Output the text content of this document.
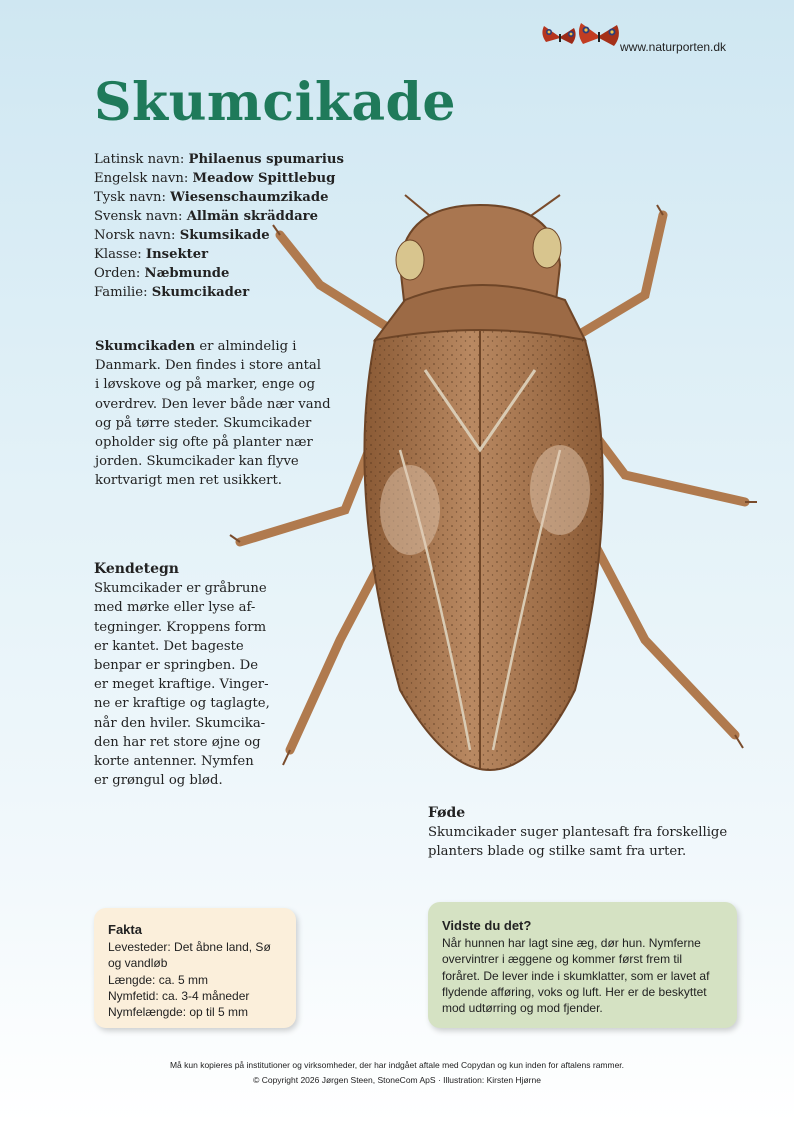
www.naturporten.dk
Skumcikade
Latinsk navn: Philaenus spumarius
Engelsk navn: Meadow Spittlebug
Tysk navn: Wiesenschaumzikade
Svensk navn: Allmän skräddare
Norsk navn: Skumsikade
Klasse: Insekter
Orden: Næbmunde
Familie: Skumcikader
Skumcikaden er almindelig i
Danmark. Den findes i store antal
i løvskove og på marker, enge og
overdrev. Den lever både nær vand
og på tørre steder. Skumcikader
opholder sig ofte på planter nær
jorden. Skumcikader kan flyve
kortvarigt men ret usikkert.
Kendetegn
Skumcikader er gråbrune
med mørke eller lyse af-
tegninger. Kroppens form
er kantet. Det bageste
benpar er springben. De
er meget kraftige. Vinger-
ne er kraftige og taglagte,
når den hviler. Skumcika-
den har ret store øjne og
korte antenner. Nymfen
er grøngul og blød.
Føde
Skumcikader suger plantesaft fra forskellige
planters blade og stilke samt fra urter.
Fakta
Levesteder: Det åbne land, Sø
og vandløb
Længde: ca. 5 mm
Nymfetid: ca. 3-4 måneder
Nymfelængde: op til 5 mm
Vidste du det?
Når hunnen har lagt sine æg, dør hun. Nymferne
overvintrer i æggene og kommer først frem til
foråret. De lever inde i skumklatter, som er lavet af
flydende afføring, voks og luft. Her er de beskyttet
mod udtørring og mod fjender.
Må kun kopieres på institutioner og virksomheder, der har indgået aftale med Copydan og kun inden for aftalens rammer.
© Copyright 2026 Jørgen Steen, StoneCom ApS · Illustration: Kirsten Hjørne
